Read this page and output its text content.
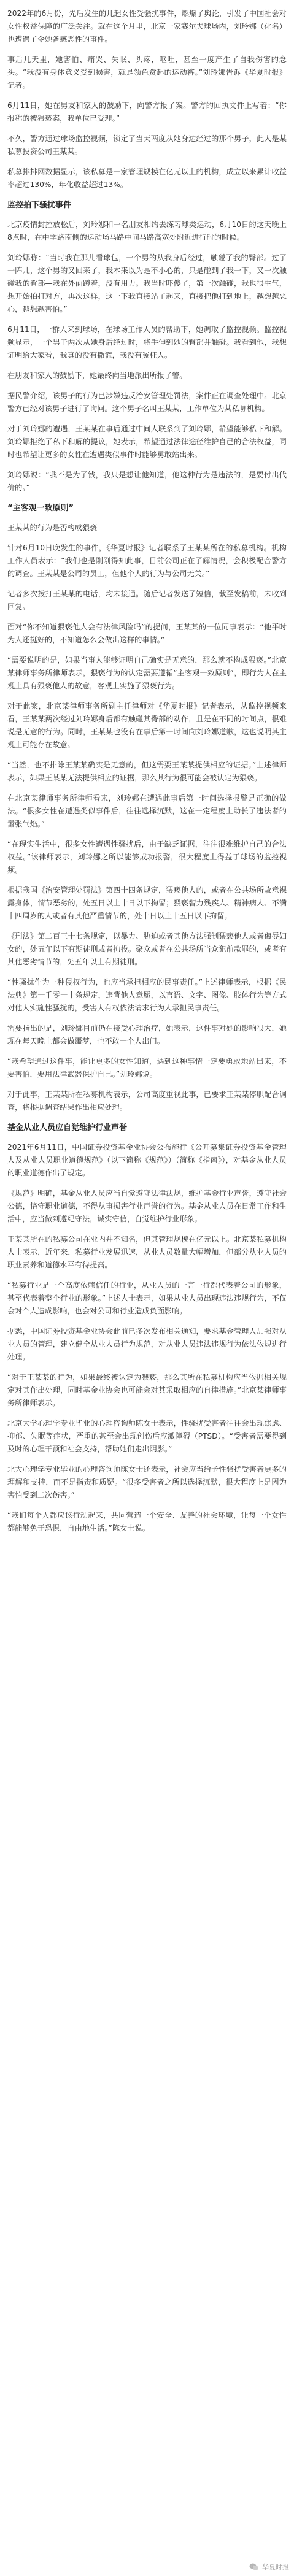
2022年的6月份，先后发生的几起女性受骚扰事件，燃爆了舆论，引发了中国社会对女性权益保障的广泛关注。就在这个月里，北京一家赛尔夫球场内，刘玲娜（化名）也遭遇了令她备感恶性的事件。

事后几天里，她害怕、痛哭、失眠、头疼，呕吐，甚至一度产生了自我伤害的念头。“我没有身体意义受到损害，就是领色赏起的运动裤。”刘玲娜告诉《华夏时报》记者。

6月11日，她在男友和家人的鼓励下，向警方报了案。警方的回执文件上写着：“你报称的被猥亵案，我单位已受理。”

不久，警方通过球场监控视频，锁定了当天两度从她身边经过的那个男子，此人是某私募投资公司王某某。

私募排排网数据显示，该私募是一家管理规模在亿元以上的机构，成立以来累计收益率超过130%，年化收益超过13%。

监控拍下骚扰事件

北京疫情封控放松后，刘玲娜和一名朋友相约去练习球类运动，6月10日的这天晚上8点时，在中学路南侧的运动场马路中间马路高宽处附近进行时的时候。

刘玲娜称：“当时我在那儿看球包，一个男的从我身后经过，触碰了我的臀部。过了一阵儿，这个男的又回来了，我本来以为是不小心的，只是碰到了我一下，又一次触碰我的臀部—我在外面蹲着，没有用力。我当时吓傻了，第一次触碰，我也很生气，想开始拍打对方，再次这样，这一下我直接站了起来，直接把他打到地上，越想越恶心，越想越害怕。”

6月11日，一群人来到球场，在球场工作人员的帮助下，她调取了监控视频。监控视频显示，一个男子两次从她身后经过时，将手伸到她的臀部并触碰。我看到他，我想证明给大家看，我真的没有撒谎，我没有冤枉人。

在朋友和家人的鼓励下，她最终向当地派出所报了警。

据民警介绍，该男子的行为已涉嫌违反治安管理处罚法，案件正在调查处理中。北京警方已经对该男子进行了询问。这个男子名叫王某某，工作单位为某私募机构。

对于刘玲娜的遭遇，王某某在事后通过中间人联系到了刘玲娜，希望能够私下和解。刘玲娜拒绝了私下和解的提议，她表示，希望通过法律途径维护自己的合法权益，同时也希望让更多的女性在遭遇类似事件时能够勇敢站出来。

刘玲娜说：“我不是为了钱，我只是想让他知道，他这种行为是违法的，是要付出代价的。”

“主客观一致原则”

王某某的行为是否构成猥亵

针对6月10日晚发生的事件，《华夏时报》记者联系了王某某所在的私募机构。机构工作人员表示：“我们也是刚刚得知此事，目前公司正在了解情况，会积极配合警方的调查。王某某是公司的员工，但他个人的行为与公司无关。”

记者多次拨打王某某的电话，均未接通。随后记者发送了短信，截至发稿前，未收到回复。

面对“你不知道猥亵他人会有法律风险吗”的提问，王某某的一位同事表示：“他平时为人还挺好的，不知道怎么会做出这样的事情。”

“需要说明的是，如果当事人能够证明自己确实是无意的，那么就不构成猥亵。”北京某律师事务所律师表示，猥亵行为的认定需要遵循“主客观一致原则”，即行为人在主观上具有猥亵他人的故意，客观上实施了猥亵行为。

对于此案，北京某律师事务所副主任律师对《华夏时报》记者表示，从监控视频来看，王某某两次经过刘玲娜身后都有触碰其臀部的动作，且是在不同的时间点，很难说是无意的行为。同时，王某某也没有在事后第一时间向刘玲娜道歉，这也说明其主观上可能存在故意。

“当然，也不排除王某某确实是无意的，但这需要王某某提供相应的证据。”上述律师表示，如果王某某无法提供相应的证据，那么其行为很可能会被认定为猥亵。

在北京某律师事务所律师看来，刘玲娜在遭遇此事后第一时间选择报警是正确的做法。“很多女性在遭遇类似事件后，往往选择沉默，这在一定程度上助长了违法者的嚣张气焰。”

“在现实生活中，很多女性遭遇性骚扰后，由于缺乏证据，往往很难维护自己的合法权益。”该律师表示，刘玲娜之所以能够成功报警，很大程度上得益于球场的监控视频。

根据我国《治安管理处罚法》第四十四条规定，猥亵他人的，或者在公共场所故意裸露身体，情节恶劣的，处五日以上十日以下拘留；猥亵智力残疾人、精神病人、不满十四周岁的人或者有其他严重情节的，处十日以上十五日以下拘留。

《刑法》第二百三十七条规定，以暴力、胁迫或者其他方法强制猥亵他人或者侮辱妇女的，处五年以下有期徒刑或者拘役。聚众或者在公共场所当众犯前款罪的，或者有其他恶劣情节的，处五年以上有期徒刑。

“性骚扰作为一种侵权行为，也应当承担相应的民事责任。”上述律师表示，根据《民法典》第一千零一十条规定，违背他人意愿，以言语、文字、图像、肢体行为等方式对他人实施性骚扰的，受害人有权依法请求行为人承担民事责任。

需要指出的是，刘玲娜目前仍在接受心理治疗，她表示，这件事对她的影响很大，她现在每天晚上都会做噩梦，也不敢一个人出门。

“我希望通过这件事，能让更多的女性知道，遇到这种事情一定要勇敢地站出来，不要害怕，要用法律武器保护自己。”刘玲娜说。

对于此事，王某某所在私募机构表示，公司高度重视此事，已要求王某某停职配合调查，将根据调查结果作出相应处理。

基金从业人员应自觉维护行业声誉

2021年6月11日，中国证券投资基金业协会公布施行《公开募集证券投资基金管理人及从业人员职业道德规范》（以下简称《规范》）（简称《指南》），对基金从业人员的职业道德作出了规定。

《规范》明确，基金从业人员应当自觉遵守法律法规，维护基金行业声誉，遵守社会公德，恪守职业道德，不得从事损害行业声誉的行为。基金从业人员在日常工作和生活中，应当做到遵纪守法，诚实守信，自觉维护行业形象。

王某某所在的私募公司在业内并不知名，但其管理规模在亿元以上。北京某私募机构人士表示，近年来，私募行业发展迅速，从业人员数量大幅增加，但部分从业人员的职业素养和道德水平有待提高。

“私募行业是一个高度依赖信任的行业，从业人员的一言一行都代表着公司的形象，甚至代表着整个行业的形象。”上述人士表示，如果从业人员出现违法违规行为，不仅会对个人造成影响，也会对公司和行业造成负面影响。

据悉，中国证券投资基金业协会此前已多次发布相关通知，要求基金管理人加强对从业人员的管理，建立健全从业人员行为规范，对从业人员违法违规行为依法依规进行处理。

“对于王某某的行为，如果最终被认定为猥亵，那么其所在私募机构应当依据相关规定对其作出处理，同时基金业协会也可能会对其采取相应的自律措施。”北京某律师事务所律师表示。

北京大学心理学专业毕业的心理咨询师陈女士表示，性骚扰受害者往往会出现焦虑、抑郁、失眠等症状，严重的甚至会出现创伤后应激障碍（PTSD）。“受害者需要得到及时的心理干预和社会支持，帮助她们走出阴影。”

北大心理学专业毕业的心理咨询师陈女士还表示，社会应当给予性骚扰受害者更多的理解和支持，而不是指责和质疑。“很多受害者之所以选择沉默，很大程度上是因为害怕受到二次伤害。”

“我们每个人都应该行动起来，共同营造一个安全、友善的社会环境，让每一个女性都能够免于恐惧，自由地生活。”陈女士说。

华夏时报
